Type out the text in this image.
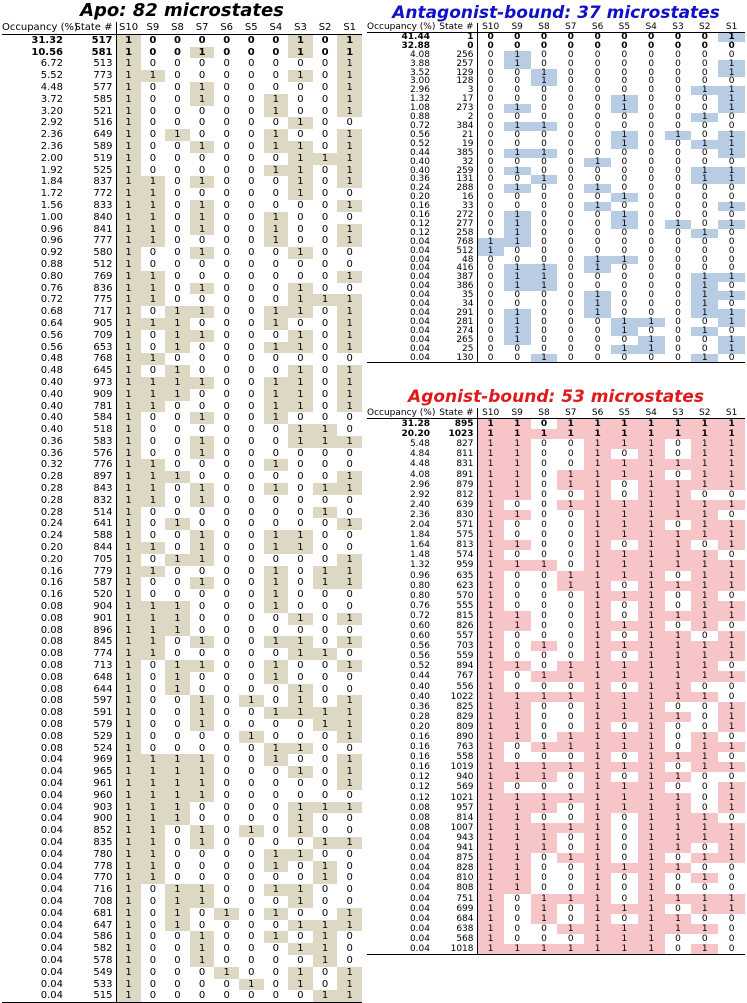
Apo: 82 microstates
Occupancy (%)	State #	S10	S9	S8	S7	S6	S5	S4	S3	S2	S1
31.32	517	1	0	0	0	0	0	0	1	0	1
10.56	581	1	0	0	1	0	0	0	1	0	1
6.72	513	1	0	0	0	0	0	0	0	0	1
5.52	773	1	1	0	0	0	0	0	1	0	1
4.48	577	1	0	0	1	0	0	0	0	0	1
3.72	585	1	0	0	1	0	0	1	0	0	1
3.20	521	1	0	0	0	0	0	1	0	0	1
2.92	516	1	0	0	0	0	0	0	1	0	0
2.36	649	1	0	1	0	0	0	1	0	0	1
2.36	589	1	0	0	1	0	0	1	1	0	1
2.00	519	1	0	0	0	0	0	0	1	1	1
1.92	525	1	0	0	0	0	0	1	1	0	1
1.84	837	1	1	0	1	0	0	0	1	0	1
1.72	772	1	1	0	0	0	0	0	1	0	0
1.56	833	1	1	0	1	0	0	0	0	0	1
1.00	840	1	1	0	1	0	0	1	0	0	0
0.96	841	1	1	0	1	0	0	1	0	0	1
0.96	777	1	1	0	0	0	0	1	0	0	1
0.92	580	1	0	0	1	0	0	0	1	0	0
0.88	512	1	0	0	0	0	0	0	0	0	0
0.80	769	1	1	0	0	0	0	0	0	0	1
0.76	836	1	1	0	1	0	0	0	1	0	0
0.72	775	1	1	0	0	0	0	0	1	1	1
0.68	717	1	0	1	1	0	0	1	1	0	1
0.64	905	1	1	1	0	0	0	1	0	0	1
0.56	709	1	0	1	1	0	0	0	1	0	1
0.56	653	1	0	1	0	0	0	1	1	0	1
0.48	768	1	1	0	0	0	0	0	0	0	0
0.48	645	1	0	1	0	0	0	0	1	0	1
0.40	973	1	1	1	1	0	0	1	1	0	1
0.40	909	1	1	1	0	0	0	1	1	0	1
0.40	781	1	1	0	0	0	0	1	1	0	1
0.40	584	1	0	0	1	0	0	1	0	0	0
0.40	518	1	0	0	0	0	0	0	1	1	0
0.36	583	1	0	0	1	0	0	0	1	1	1
0.36	576	1	0	0	1	0	0	0	0	0	0
0.32	776	1	1	0	0	0	0	1	0	0	0
0.28	897	1	1	1	0	0	0	0	0	0	1
0.28	843	1	1	0	1	0	0	1	0	1	1
0.28	832	1	1	0	1	0	0	0	0	0	0
0.28	514	1	0	0	0	0	0	0	0	1	0
0.24	641	1	0	1	0	0	0	0	0	0	1
0.24	588	1	0	0	1	0	0	1	1	0	0
0.20	844	1	1	0	1	0	0	1	1	0	0
0.20	705	1	0	1	1	0	0	0	0	0	1
0.16	779	1	1	0	0	0	0	1	0	1	1
0.16	587	1	0	0	1	0	0	1	0	1	1
0.16	520	1	0	0	0	0	0	1	0	0	0
0.08	904	1	1	1	0	0	0	1	0	0	0
0.08	901	1	1	1	0	0	0	0	1	0	1
0.08	896	1	1	1	0	0	0	0	0	0	0
0.08	845	1	1	0	1	0	0	1	1	0	1
0.08	774	1	1	0	0	0	0	0	1	1	0
0.08	713	1	0	1	1	0	0	1	0	0	1
0.08	648	1	0	1	0	0	0	1	0	0	0
0.08	644	1	0	1	0	0	0	0	1	0	0
0.08	597	1	0	0	1	0	1	0	1	0	1
0.08	591	1	0	0	1	0	0	1	1	1	1
0.08	579	1	0	0	1	0	0	0	0	1	1
0.08	529	1	0	0	0	0	1	0	0	0	1
0.08	524	1	0	0	0	0	0	1	1	0	0
0.04	969	1	1	1	1	0	0	1	0	0	1
0.04	965	1	1	1	1	0	0	0	1	0	1
0.04	961	1	1	1	1	0	0	0	0	0	1
0.04	960	1	1	1	1	0	0	0	0	0	0
0.04	903	1	1	1	0	0	0	0	1	1	1
0.04	900	1	1	1	0	0	0	0	1	0	0
0.04	852	1	1	0	1	0	1	0	1	0	0
0.04	835	1	1	0	1	0	0	0	0	1	1
0.04	780	1	1	0	0	0	0	1	1	0	0
0.04	778	1	1	0	0	0	0	1	0	1	0
0.04	770	1	1	0	0	0	0	0	0	1	0
0.04	716	1	0	1	1	0	0	1	1	0	0
0.04	708	1	0	1	1	0	0	0	1	0	0
0.04	681	1	0	1	0	1	0	1	0	0	1
0.04	647	1	0	1	0	0	0	0	1	1	1
0.04	586	1	0	0	1	0	0	1	0	1	0
0.04	582	1	0	0	1	0	0	0	1	1	0
0.04	578	1	0	0	1	0	0	0	0	1	0
0.04	549	1	0	0	0	1	0	0	1	0	1
0.04	533	1	0	0	0	0	1	0	1	0	1
0.04	515	1	0	0	0	0	0	0	0	1	1
Antagonist-bound: 37 microstates
Occupancy (%)	State #	S10	S9	S8	S7	S6	S5	S4	S3	S2	S1
41.44	1	0	0	0	0	0	0	0	0	0	1
32.88	0	0	0	0	0	0	0	0	0	0	0
4.08	256	0	1	0	0	0	0	0	0	0	0
3.88	257	0	1	0	0	0	0	0	0	0	1
3.52	129	0	0	1	0	0	0	0	0	0	1
3.00	128	0	0	1	0	0	0	0	0	0	0
2.96	3	0	0	0	0	0	0	0	0	1	1
1.32	17	0	0	0	0	0	1	0	0	0	1
1.08	273	0	1	0	0	0	1	0	0	0	1
0.88	2	0	0	0	0	0	0	0	0	1	0
0.72	384	0	1	1	0	0	0	0	0	0	0
0.56	21	0	0	0	0	0	1	0	1	0	1
0.52	19	0	0	0	0	0	1	0	0	1	1
0.44	385	0	1	1	0	0	0	0	0	0	1
0.40	32	0	0	0	0	1	0	0	0	0	0
0.40	259	0	1	0	0	0	0	0	0	1	1
0.36	131	0	0	1	0	0	0	0	0	1	1
0.24	288	0	1	0	0	1	0	0	0	0	0
0.20	16	0	0	0	0	0	1	0	0	0	0
0.16	33	0	0	0	0	1	0	0	0	0	1
0.16	272	0	1	0	0	0	1	0	0	0	0
0.12	277	0	1	0	0	0	1	0	1	0	1
0.12	258	0	1	0	0	0	0	0	0	1	0
0.04	768	1	1	0	0	0	0	0	0	0	0
0.04	512	1	0	0	0	0	0	0	0	0	0
0.04	48	0	0	0	0	1	1	0	0	0	0
0.04	416	0	1	1	0	1	0	0	0	0	0
0.04	387	0	1	1	0	0	0	0	0	1	1
0.04	386	0	1	1	0	0	0	0	0	1	0
0.04	35	0	0	0	0	1	0	0	0	1	1
0.04	34	0	0	0	0	1	0	0	0	1	0
0.04	291	0	1	0	0	1	0	0	0	1	1
0.04	281	0	1	0	0	0	1	1	0	0	1
0.04	274	0	1	0	0	0	1	0	0	1	0
0.04	265	0	1	0	0	0	0	1	0	0	1
0.04	25	0	0	0	0	0	1	1	0	0	1
0.04	130	0	0	1	0	0	0	0	0	1	0
Agonist-bound: 53 microstates
Occupancy (%)	State #	S10	S9	S8	S7	S6	S5	S4	S3	S2	S1
31.28	895	1	1	0	1	1	1	1	1	1	1
20.20	1023	1	1	1	1	1	1	1	1	1	1
5.48	827	1	1	0	0	1	1	1	0	1	1
4.84	811	1	1	0	0	1	0	1	0	1	1
4.48	831	1	1	0	0	1	1	1	1	1	1
4.08	891	1	1	0	1	1	1	1	0	1	1
2.96	879	1	1	0	1	1	0	1	1	1	1
2.92	812	1	1	0	0	1	0	1	1	0	0
2.40	639	1	0	0	1	1	1	1	1	1	1
2.36	830	1	1	0	0	1	1	1	1	1	0
2.04	571	1	0	0	0	1	1	1	0	1	1
1.84	575	1	0	0	0	1	1	1	1	1	1
1.64	813	1	1	0	0	1	0	1	1	0	1
1.48	574	1	0	0	0	1	1	1	1	1	0
1.32	959	1	1	1	0	1	1	1	1	1	1
0.96	635	1	0	0	1	1	1	1	0	1	1
0.80	623	1	0	0	1	1	0	1	1	1	1
0.80	570	1	0	0	0	1	1	1	0	1	0
0.76	555	1	0	0	0	1	0	1	0	1	1
0.72	815	1	1	0	0	1	0	1	1	1	1
0.60	826	1	1	0	0	1	1	1	0	1	0
0.60	557	1	0	0	0	1	0	1	1	0	1
0.56	703	1	0	1	0	1	1	1	1	1	1
0.56	559	1	0	0	0	1	0	1	1	1	1
0.52	894	1	1	0	1	1	1	1	1	1	0
0.44	767	1	0	1	1	1	1	1	1	1	1
0.40	556	1	0	0	0	1	0	1	1	0	0
0.40	1022	1	1	1	1	1	1	1	1	1	0
0.36	825	1	1	0	0	1	1	1	0	0	1
0.28	829	1	1	0	0	1	1	1	1	0	1
0.20	809	1	1	0	0	1	0	1	0	0	1
0.16	890	1	1	0	1	1	1	1	0	1	0
0.16	763	1	0	1	1	1	1	1	0	1	1
0.16	558	1	0	0	0	1	0	1	1	1	0
0.16	1019	1	1	1	1	1	1	1	0	1	1
0.12	940	1	1	1	0	1	0	1	1	0	0
0.12	569	1	0	0	0	1	1	1	0	0	1
0.12	1021	1	1	1	1	1	1	1	1	0	1
0.08	957	1	1	1	0	1	1	1	1	0	1
0.08	814	1	1	0	0	1	0	1	1	1	0
0.08	1007	1	1	1	1	1	0	1	1	1	1
0.04	943	1	1	1	0	1	0	1	1	1	1
0.04	941	1	1	1	0	1	0	1	1	0	1
0.04	875	1	1	0	1	1	0	1	0	1	1
0.04	828	1	1	0	0	1	1	1	1	0	0
0.04	810	1	1	0	0	1	0	1	0	1	0
0.04	808	1	1	0	0	1	0	1	0	0	0
0.04	751	1	0	1	1	1	0	1	1	1	1
0.04	699	1	0	1	0	1	1	1	0	1	1
0.04	684	1	0	1	0	1	0	1	1	0	0
0.04	638	1	0	0	1	1	1	1	1	1	0
0.04	568	1	0	0	0	1	1	1	0	0	0
0.04	1018	1	1	1	1	1	1	1	0	1	0
